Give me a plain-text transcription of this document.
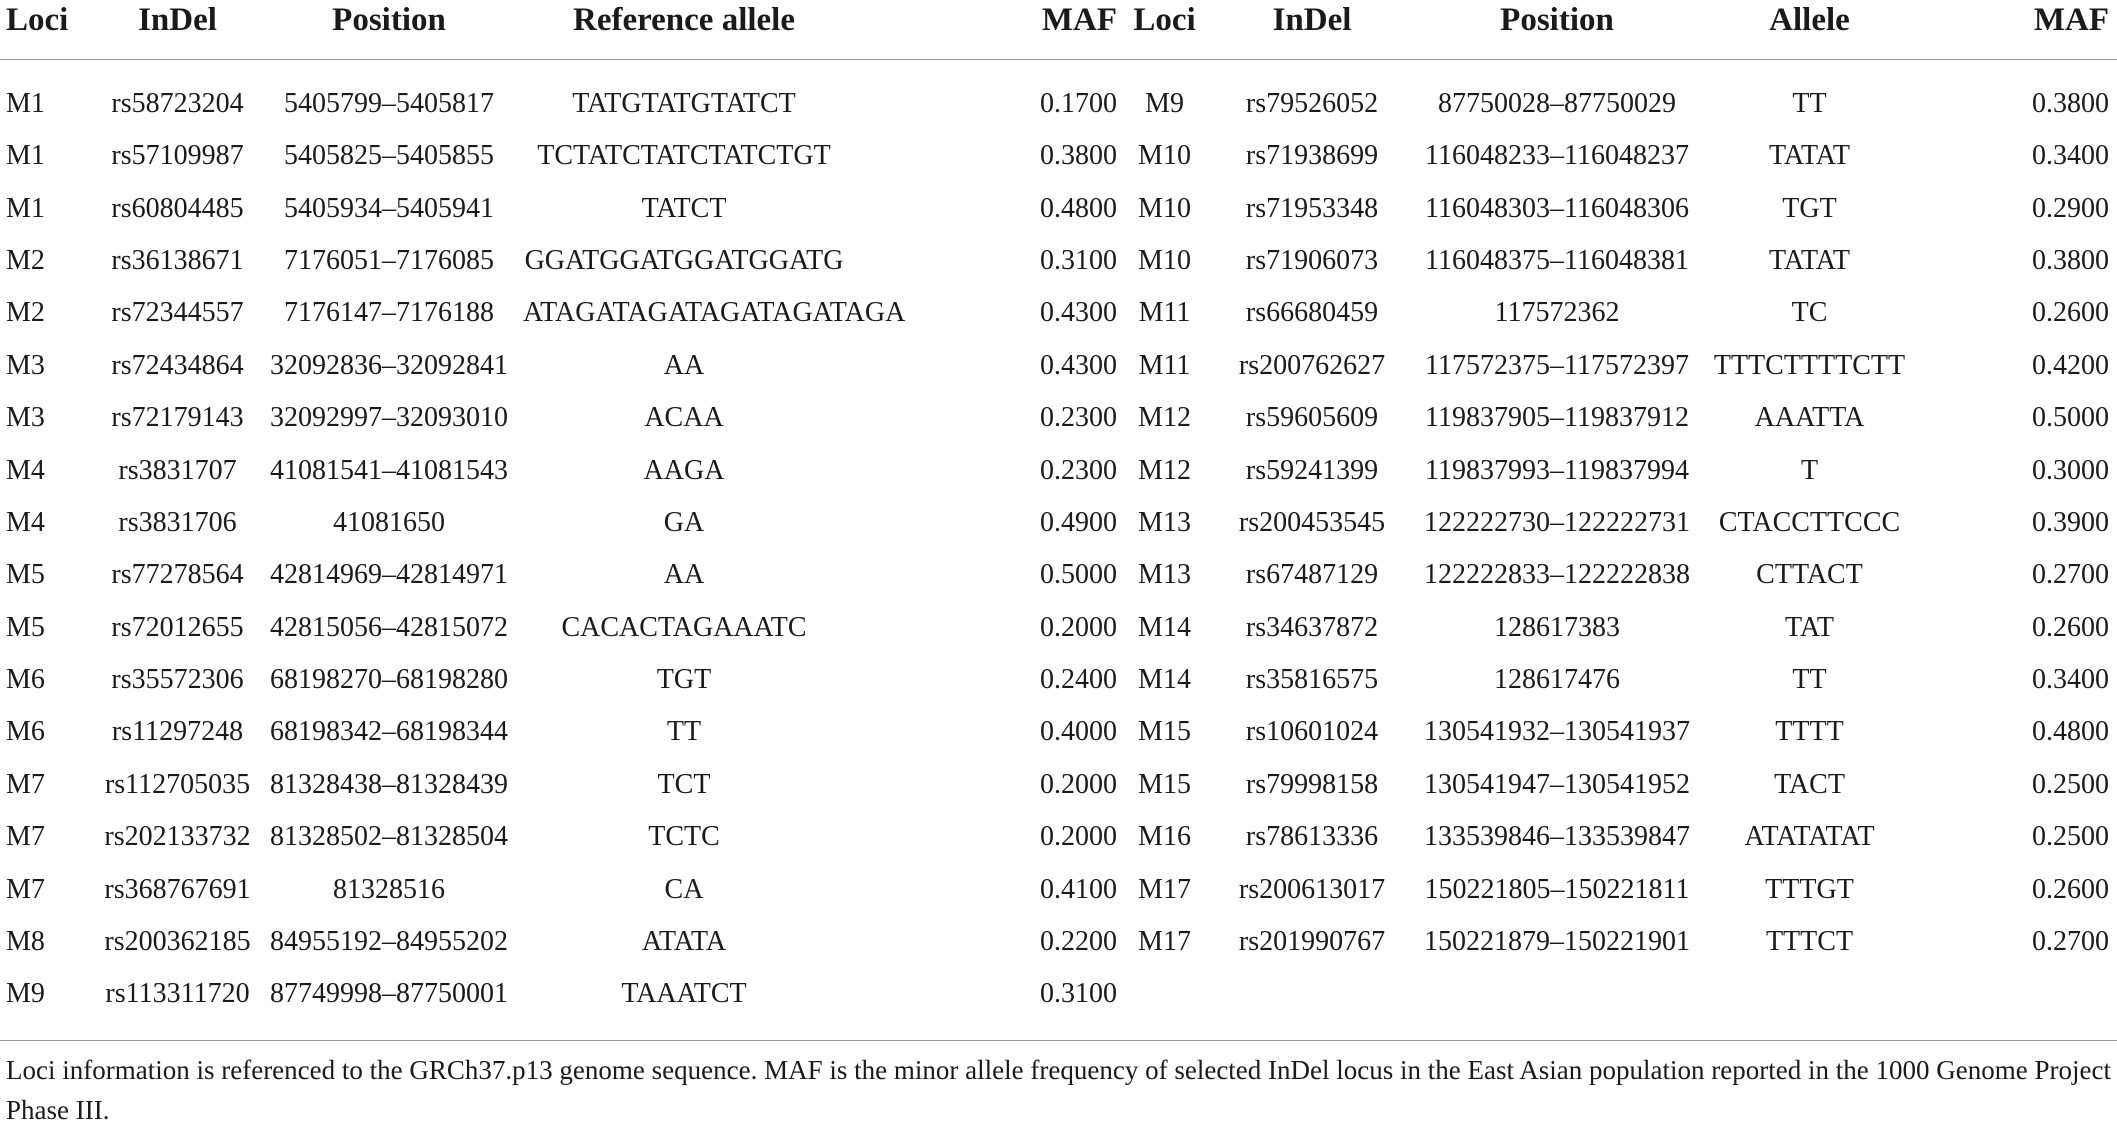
Loci	InDel	Position	Reference allele	MAF	Loci	InDel	Position	Allele	MAF
M1	rs58723204	5405799–5405817	TATGTATGTATCT	0.1700	M9	rs79526052	87750028–87750029	TT	0.3800
M1	rs57109987	5405825–5405855	TCTATCTATCTATCTGT	0.3800	M10	rs71938699	116048233–116048237	TATAT	0.3400
M1	rs60804485	5405934–5405941	TATCT	0.4800	M10	rs71953348	116048303–116048306	TGT	0.2900
M2	rs36138671	7176051–7176085	GGATGGATGGATGGATG	0.3100	M10	rs71906073	116048375–116048381	TATAT	0.3800
M2	rs72344557	7176147–7176188	ATAGATAGATAGATAGATAGA	0.4300	M11	rs66680459	117572362	TC	0.2600
M3	rs72434864	32092836–32092841	AA	0.4300	M11	rs200762627	117572375–117572397	TTTCTTTTCTT	0.4200
M3	rs72179143	32092997–32093010	ACAA	0.2300	M12	rs59605609	119837905–119837912	AAATTA	0.5000
M4	rs3831707	41081541–41081543	AAGA	0.2300	M12	rs59241399	119837993–119837994	T	0.3000
M4	rs3831706	41081650	GA	0.4900	M13	rs200453545	122222730–122222731	CTACCTTCCC	0.3900
M5	rs77278564	42814969–42814971	AA	0.5000	M13	rs67487129	122222833–122222838	CTTACT	0.2700
M5	rs72012655	42815056–42815072	CACACTAGAAATC	0.2000	M14	rs34637872	128617383	TAT	0.2600
M6	rs35572306	68198270–68198280	TGT	0.2400	M14	rs35816575	128617476	TT	0.3400
M6	rs11297248	68198342–68198344	TT	0.4000	M15	rs10601024	130541932–130541937	TTTT	0.4800
M7	rs112705035	81328438–81328439	TCT	0.2000	M15	rs79998158	130541947–130541952	TACT	0.2500
M7	rs202133732	81328502–81328504	TCTC	0.2000	M16	rs78613336	133539846–133539847	ATATATAT	0.2500
M7	rs368767691	81328516	CA	0.4100	M17	rs200613017	150221805–150221811	TTTGT	0.2600
M8	rs200362185	84955192–84955202	ATATA	0.2200	M17	rs201990767	150221879–150221901	TTTCT	0.2700
M9	rs113311720	87749998–87750001	TAAATCT	0.3100					
Loci information is referenced to the GRCh37.p13 genome sequence. MAF is the minor allele frequency of selected InDel locus in the East Asian population reported in the 1000 Genome Project Phase III.
